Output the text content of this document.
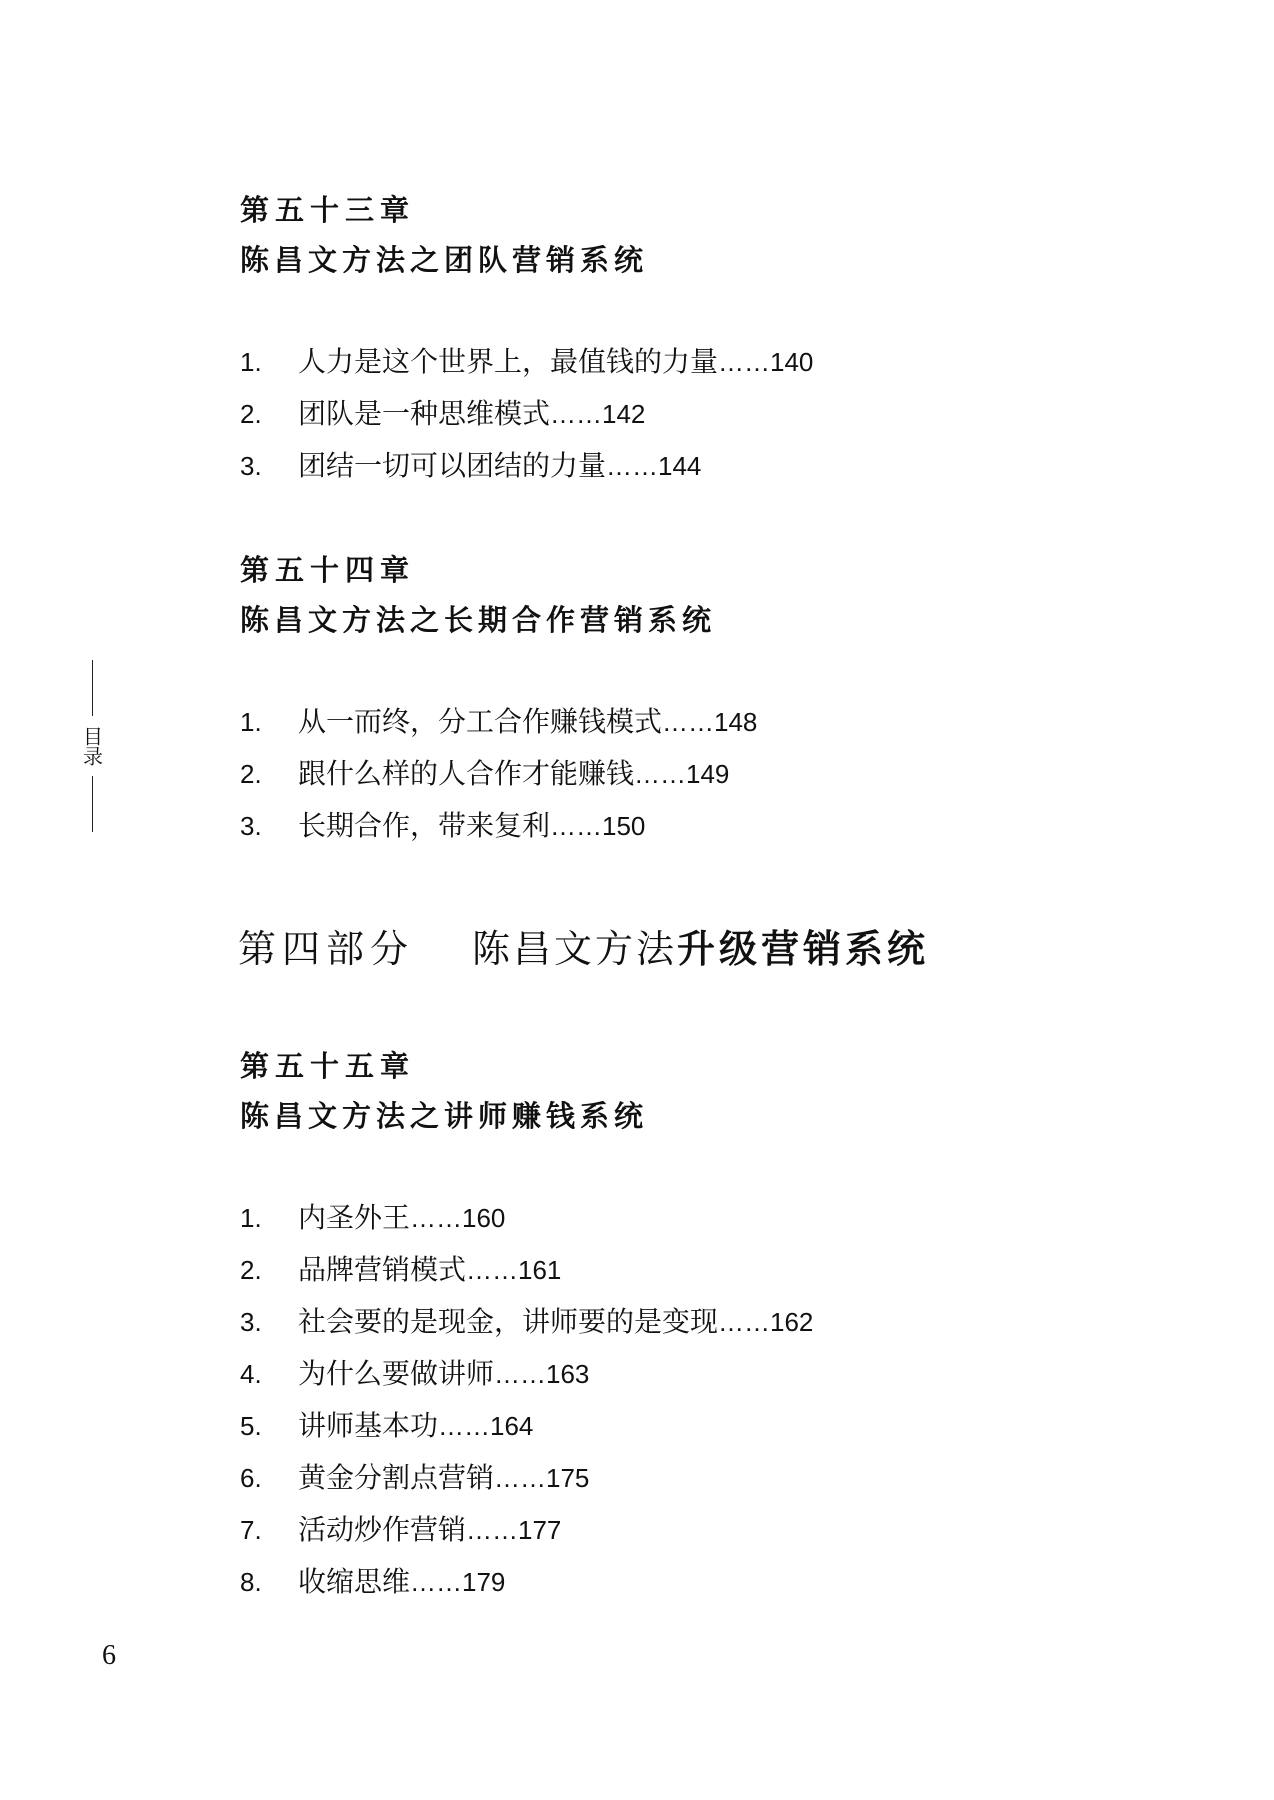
目录
第五十三章
陈昌文方法之团队营销系统
1.	人力是这个世界上，最值钱的力量 ……140
2.	团队是一种思维模式 ……142
3.	团结一切可以团结的力量 ……144
第五十四章
陈昌文方法之长期合作营销系统
1.	从一而终，分工合作赚钱模式 ……148
2.	跟什么样的人合作才能赚钱 ……149
3.	长期合作，带来复利 ……150
第四部分 陈昌文方法升级营销系统
第五十五章
陈昌文方法之讲师赚钱系统
1.	内圣外王 ……160
2.	品牌营销模式 ……161
3.	社会要的是现金，讲师要的是变现 ……162
4.	为什么要做讲师 ……163
5.	讲师基本功 ……164
6.	黄金分割点营销 ……175
7.	活动炒作营销 ……177
8.	收缩思维 ……179
6
